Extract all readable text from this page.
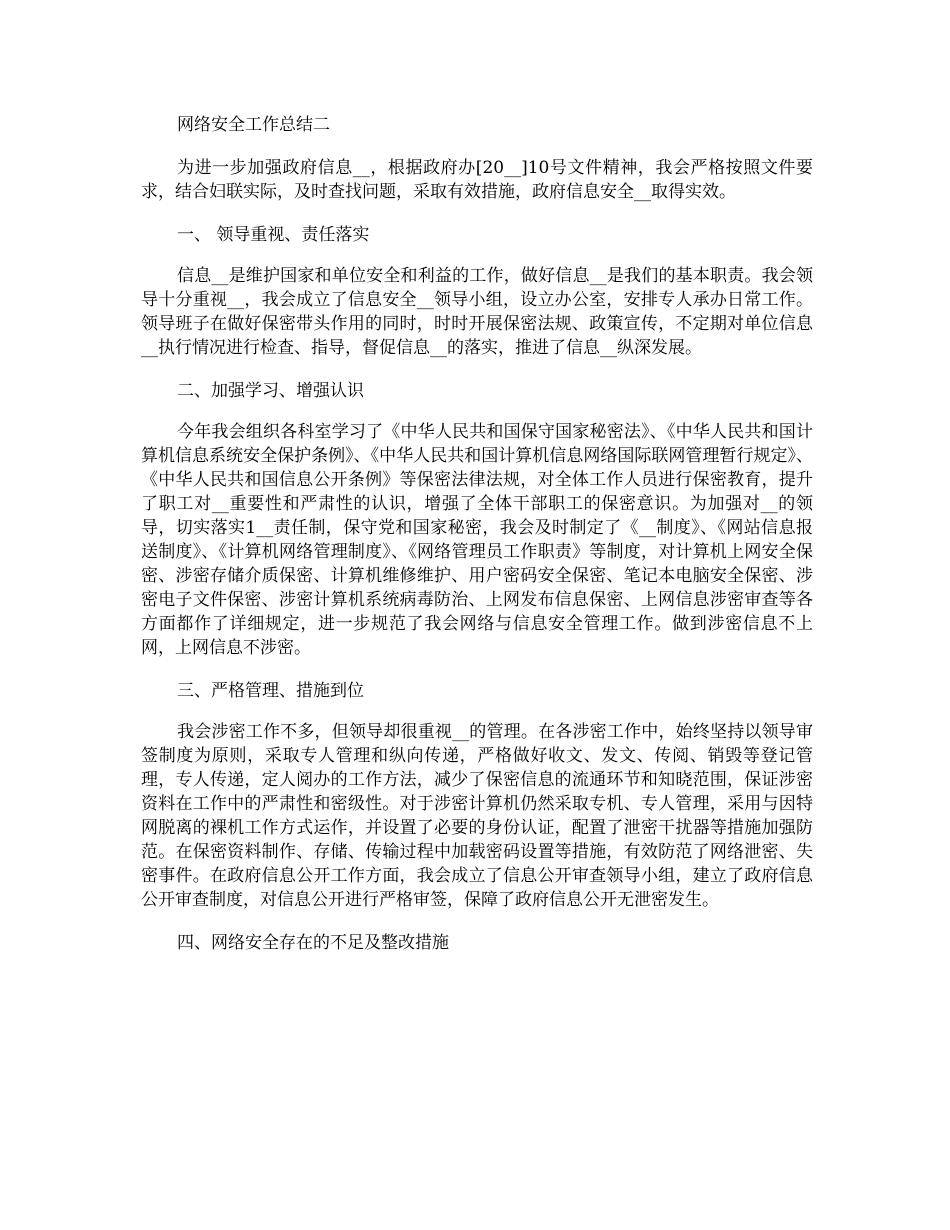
网络安全工作总结二

为进一步加强政府信息__，根据政府办[20__]10号文件精神，我会严格按照文件要求，结合妇联实际，及时查找问题，采取有效措施，政府信息安全__取得实效。

一、 领导重视、责任落实

信息__是维护国家和单位安全和利益的工作，做好信息__是我们的基本职责。我会领导十分重视__，我会成立了信息安全__领导小组，设立办公室，安排专人承办日常工作。领导班子在做好保密带头作用的同时，时时开展保密法规、政策宣传，不定期对单位信息__执行情况进行检查、指导，督促信息__的落实，推进了信息__纵深发展。

二、加强学习、增强认识

今年我会组织各科室学习了《中华人民共和国保守国家秘密法》、《中华人民共和国计算机信息系统安全保护条例》、《中华人民共和国计算机信息网络国际联网管理暂行规定》、《中华人民共和国信息公开条例》等保密法律法规，对全体工作人员进行保密教育，提升了职工对__重要性和严肃性的认识，增强了全体干部职工的保密意识。为加强对__的领导，切实落实1__责任制，保守党和国家秘密，我会及时制定了《__制度》、《网站信息报送制度》、《计算机网络管理制度》、《网络管理员工作职责》等制度，对计算机上网安全保密、涉密存储介质保密、计算机维修维护、用户密码安全保密、笔记本电脑安全保密、涉密电子文件保密、涉密计算机系统病毒防治、上网发布信息保密、上网信息涉密审查等各方面都作了详细规定，进一步规范了我会网络与信息安全管理工作。做到涉密信息不上网，上网信息不涉密。

三、严格管理、措施到位

我会涉密工作不多，但领导却很重视__的管理。在各涉密工作中，始终坚持以领导审签制度为原则，采取专人管理和纵向传递，严格做好收文、发文、传阅、销毁等登记管理，专人传递，定人阅办的工作方法，减少了保密信息的流通环节和知晓范围，保证涉密资料在工作中的严肃性和密级性。对于涉密计算机仍然采取专机、专人管理，采用与因特网脱离的裸机工作方式运作，并设置了必要的身份认证，配置了泄密干扰器等措施加强防范。在保密资料制作、存储、传输过程中加载密码设置等措施，有效防范了网络泄密、失密事件。在政府信息公开工作方面，我会成立了信息公开审查领导小组，建立了政府信息公开审查制度，对信息公开进行严格审签，保障了政府信息公开无泄密发生。

四、网络安全存在的不足及整改措施
